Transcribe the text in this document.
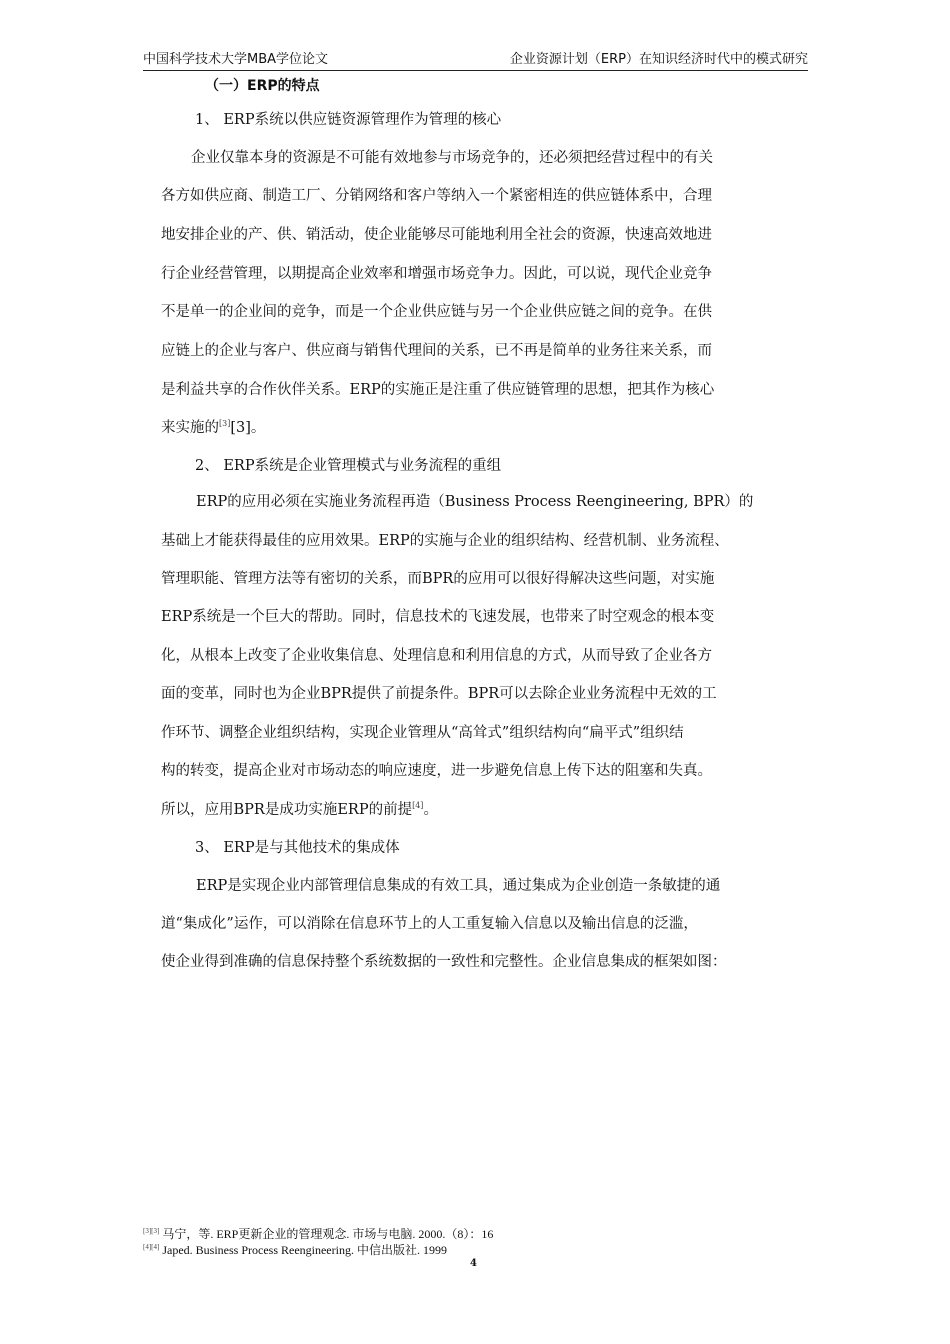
中国科学技术大学MBA学位论文	企业资源计划（ERP）在知识经济时代中的模式研究
（一）ERP的特点
1、 ERP系统以供应链资源管理作为管理的核心
企业仅靠本身的资源是不可能有效地参与市场竞争的，还必须把经营过程中的有关
各方如供应商、制造工厂、分销网络和客户等纳入一个紧密相连的供应链体系中，合理
地安排企业的产、供、销活动，使企业能够尽可能地利用全社会的资源，快速高效地进
行企业经营管理，以期提高企业效率和增强市场竞争力。因此，可以说，现代企业竞争
不是单一的企业间的竞争，而是一个企业供应链与另一个企业供应链之间的竞争。在供
应链上的企业与客户、供应商与销售代理间的关系，已不再是简单的业务往来关系，而
是利益共享的合作伙伴关系。ERP的实施正是注重了供应链管理的思想，把其作为核心
来实施的[3][3]。
2、 ERP系统是企业管理模式与业务流程的重组
ERP的应用必须在实施业务流程再造（Business Process Reengineering, BPR）的
基础上才能获得最佳的应用效果。ERP的实施与企业的组织结构、经营机制、业务流程、
管理职能、管理方法等有密切的关系，而BPR的应用可以很好得解决这些问题，对实施
ERP系统是一个巨大的帮助。同时，信息技术的飞速发展，也带来了时空观念的根本变
化，从根本上改变了企业收集信息、处理信息和利用信息的方式，从而导致了企业各方
面的变革，同时也为企业BPR提供了前提条件。BPR可以去除企业业务流程中无效的工
作环节、调整企业组织结构，实现企业管理从“高耸式”组织结构向“扁平式”组织结
构的转变，提高企业对市场动态的响应速度，进一步避免信息上传下达的阻塞和失真。
所以，应用BPR是成功实施ERP的前提[4]。
3、 ERP是与其他技术的集成体
ERP是实现企业内部管理信息集成的有效工具，通过集成为企业创造一条敏捷的通
道“集成化”运作，可以消除在信息环节上的人工重复输入信息以及输出信息的泛滥，
使企业得到准确的信息保持整个系统数据的一致性和完整性。企业信息集成的框架如图：
[3][3] 马宁，等. ERP更新企业的管理观念. 市场与电脑. 2000.（8）：16
[4][4] Japed. Business Process Reengineering. 中信出版社. 1999
4
